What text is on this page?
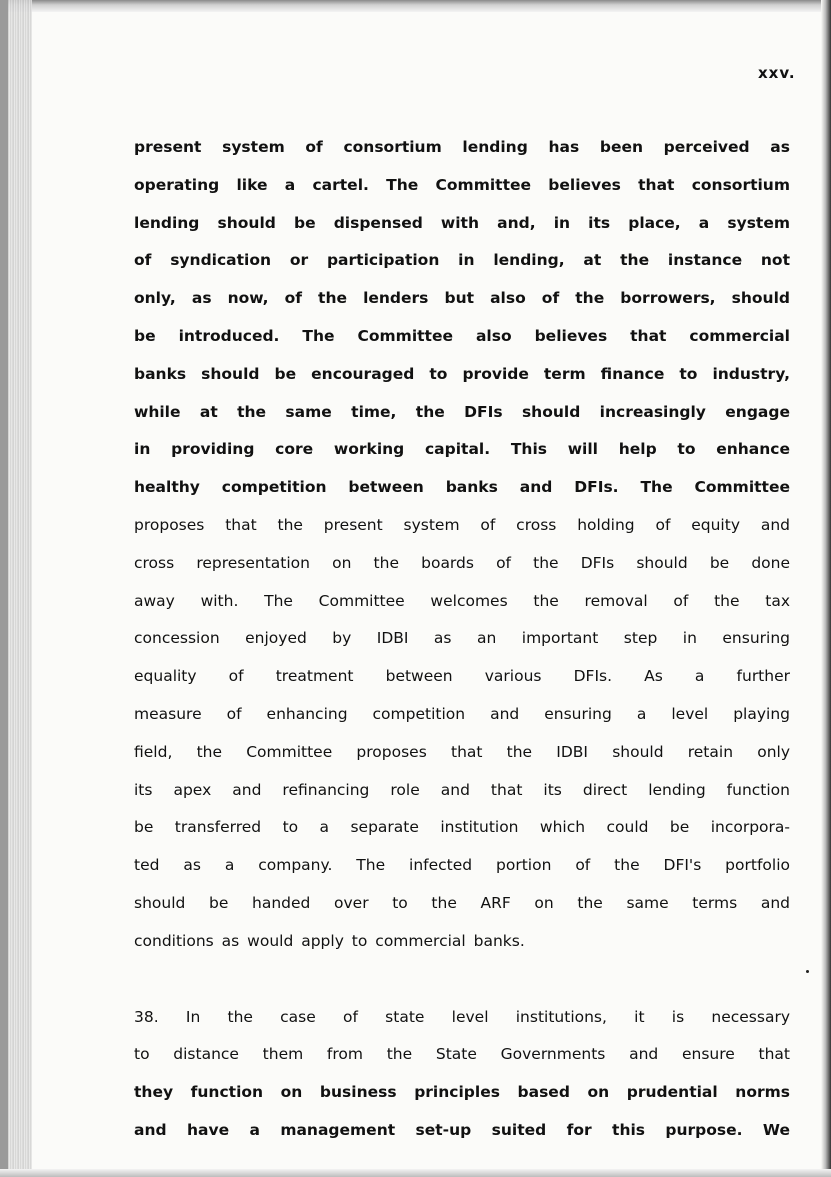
xxv.
present system of consortium lending has been perceived as
operating like a cartel. The Committee believes that consortium
lending should be dispensed with and, in its place, a system
of syndication or participation in lending, at the instance not
only, as now, of the lenders but also of the borrowers, should
be introduced. The Committee also believes that commercial
banks should be encouraged to provide term finance to industry,
while at the same time, the DFIs should increasingly engage
in providing core working capital. This will help to enhance
healthy competition between banks and DFIs. The Committee
proposes that the present system of cross holding of equity and
cross representation on the boards of the DFIs should be done
away with. The Committee welcomes the removal of the tax
concession enjoyed by IDBI as an important step in ensuring
equality of treatment between various DFIs. As a further
measure of enhancing competition and ensuring a level playing
field, the Committee proposes that the IDBI should retain only
its apex and refinancing role and that its direct lending function
be transferred to a separate institution which could be incorpora-
ted as a company. The infected portion of the DFI's portfolio
should be handed over to the ARF on the same terms and
conditions as would apply to commercial banks.
38. In the case of state level institutions, it is necessary
to distance them from the State Governments and ensure that
they function on business principles based on prudential norms
and have a management set-up suited for this purpose. We
